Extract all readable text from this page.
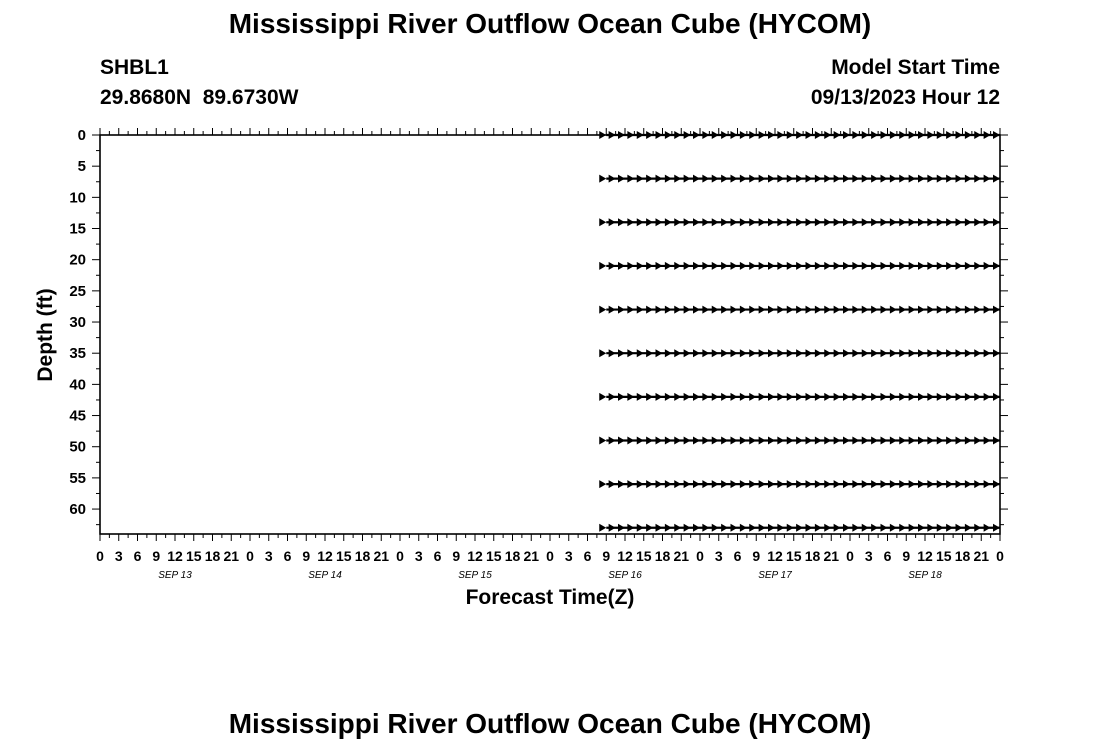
Mississippi River Outflow Ocean Cube (HYCOM)
SHBL1
29.8680N  89.6730W
Model Start Time
09/13/2023 Hour 12
0 3 6 9 12 15 18 21 0 3 6 9 12 15 18 21 0 3 6 9 12 15 18 21 0 3 6 9 12 15 18 21 0 3 6 9 12 15 18 21 0 3 6 9 12 15 18 21 0
SEP 13	SEP 14	SEP 15	SEP 16	SEP 17	SEP 18
0
5
10
15
20
25
30
35
40
45
50
55
60
Depth (ft)
Forecast Time(Z)
Mississippi River Outflow Ocean Cube (HYCOM)
